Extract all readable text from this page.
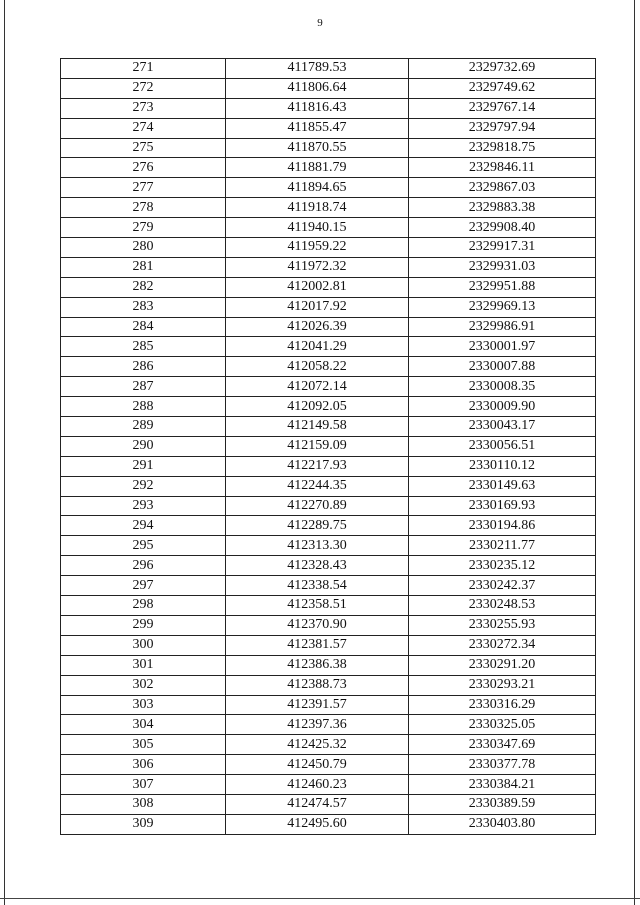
9
271	411789.53	2329732.69
272	411806.64	2329749.62
273	411816.43	2329767.14
274	411855.47	2329797.94
275	411870.55	2329818.75
276	411881.79	2329846.11
277	411894.65	2329867.03
278	411918.74	2329883.38
279	411940.15	2329908.40
280	411959.22	2329917.31
281	411972.32	2329931.03
282	412002.81	2329951.88
283	412017.92	2329969.13
284	412026.39	2329986.91
285	412041.29	2330001.97
286	412058.22	2330007.88
287	412072.14	2330008.35
288	412092.05	2330009.90
289	412149.58	2330043.17
290	412159.09	2330056.51
291	412217.93	2330110.12
292	412244.35	2330149.63
293	412270.89	2330169.93
294	412289.75	2330194.86
295	412313.30	2330211.77
296	412328.43	2330235.12
297	412338.54	2330242.37
298	412358.51	2330248.53
299	412370.90	2330255.93
300	412381.57	2330272.34
301	412386.38	2330291.20
302	412388.73	2330293.21
303	412391.57	2330316.29
304	412397.36	2330325.05
305	412425.32	2330347.69
306	412450.79	2330377.78
307	412460.23	2330384.21
308	412474.57	2330389.59
309	412495.60	2330403.80
